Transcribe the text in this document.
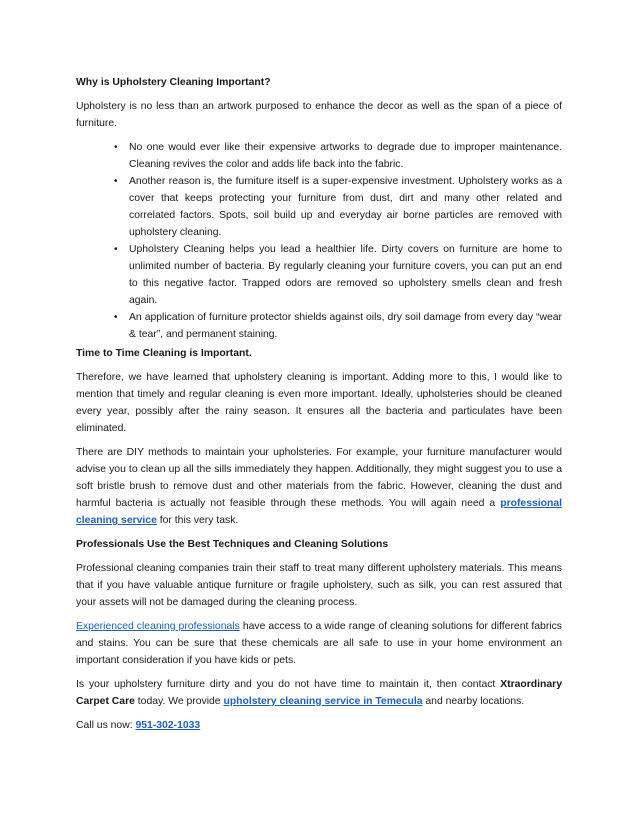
Why is Upholstery Cleaning Important?
Upholstery is no less than an artwork purposed to enhance the decor as well as the span of a piece of furniture.
• No one would ever like their expensive artworks to degrade due to improper maintenance. Cleaning revives the color and adds life back into the fabric.
• Another reason is, the furniture itself is a super-expensive investment. Upholstery works as a cover that keeps protecting your furniture from dust, dirt and many other related and correlated factors. Spots, soil build up and everyday air borne particles are removed with upholstery cleaning.
• Upholstery Cleaning helps you lead a healthier life. Dirty covers on furniture are home to unlimited number of bacteria. By regularly cleaning your furniture covers, you can put an end to this negative factor. Trapped odors are removed so upholstery smells clean and fresh again.
• An application of furniture protector shields against oils, dry soil damage from every day “wear & tear”, and permanent staining.
Time to Time Cleaning is Important.
Therefore, we have learned that upholstery cleaning is important. Adding more to this, I would like to mention that timely and regular cleaning is even more important. Ideally, upholsteries should be cleaned every year, possibly after the rainy season. It ensures all the bacteria and particulates have been eliminated.
There are DIY methods to maintain your upholsteries. For example, your furniture manufacturer would advise you to clean up all the sills immediately they happen. Additionally, they might suggest you to use a soft bristle brush to remove dust and other materials from the fabric. However, cleaning the dust and harmful bacteria is actually not feasible through these methods. You will again need a professional cleaning service for this very task.
Professionals Use the Best Techniques and Cleaning Solutions
Professional cleaning companies train their staff to treat many different upholstery materials. This means that if you have valuable antique furniture or fragile upholstery, such as silk, you can rest assured that your assets will not be damaged during the cleaning process.
Experienced cleaning professionals have access to a wide range of cleaning solutions for different fabrics and stains. You can be sure that these chemicals are all safe to use in your home environment an important consideration if you have kids or pets.
Is your upholstery furniture dirty and you do not have time to maintain it, then contact Xtraordinary Carpet Care today. We provide upholstery cleaning service in Temecula and nearby locations.
Call us now: 951-302-1033
